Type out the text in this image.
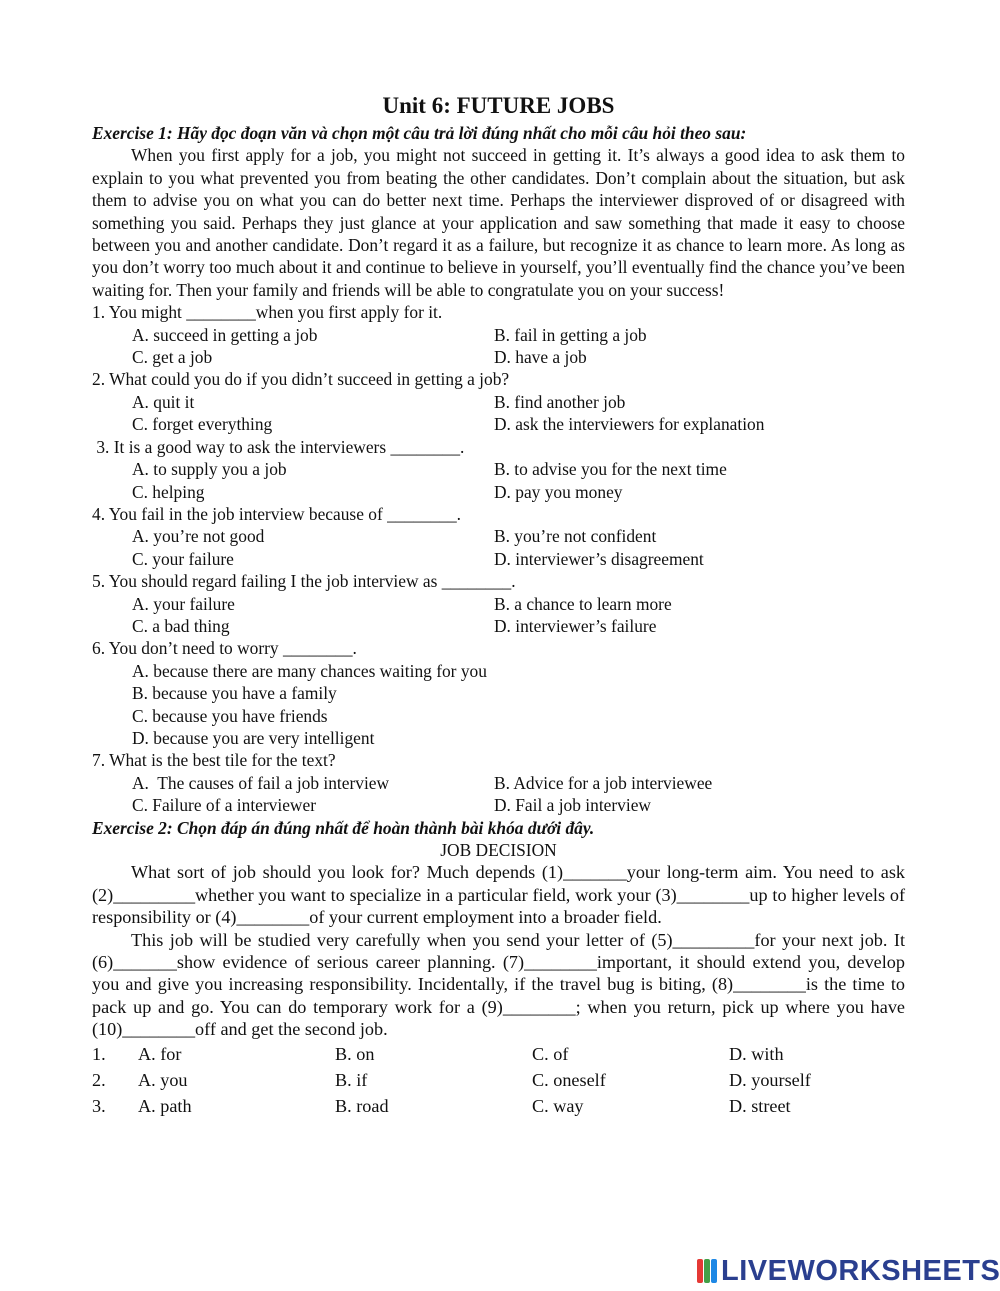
Unit 6: FUTURE JOBS
Exercise 1: Hãy đọc đoạn văn và chọn một câu trả lời đúng nhất cho mỗi câu hỏi theo sau:

When you first apply for a job, you might not succeed in getting it. It’s always a good idea to ask them to explain to you what prevented you from beating the other candidates. Don’t complain about the situation, but ask them to advise you on what you can do better next time. Perhaps the interviewer disproved of or disagreed with something you said. Perhaps they just glance at your application and saw something that made it easy to choose between you and another candidate. Don’t regard it as a failure, but recognize it as chance to learn more. As long as you don’t worry too much about it and continue to believe in yourself, you’ll eventually find the chance you’ve been waiting for. Then your family and friends will be able to congratulate you on your success!

1. You might ________when you first apply for it.
A. succeed in getting a job	B. fail in getting a job
C. get a job	D. have a job
2. What could you do if you didn’t succeed in getting a job?
A. quit it	B. find another job
C. forget everything	D. ask the interviewers for explanation
3. It is a good way to ask the interviewers ________.
A. to supply you a job	B. to advise you for the next time
C. helping	D. pay you money
4. You fail in the job interview because of ________.
A. you’re not good	B. you’re not confident
C. your failure	D. interviewer’s disagreement
5. You should regard failing I the job interview as ________.
A. your failure	B. a chance to learn more
C. a bad thing	D. interviewer’s failure
6. You don’t need to worry ________.
A. because there are many chances waiting for you
B. because you have a family
C. because you have friends
D. because you are very intelligent
7. What is the best tile for the text?
A.  The causes of fail a job interview	B. Advice for a job interviewee
C. Failure of a interviewer	D. Fail a job interview
Exercise 2: Chọn đáp án đúng nhất để hoàn thành bài khóa dưới đây.
JOB DECISION

What sort of job should you look for? Much depends (1)_______your long-term aim. You need to ask (2)_________whether you want to specialize in a particular field, work your (3)________up to higher levels of responsibility or (4)________of your current employment into a broader field.

This job will be studied very carefully when you send your letter of (5)_________for your next job. It (6)_______show evidence of serious career planning. (7)________important, it should extend you, develop you and give you increasing responsibility. Incidentally, if the travel bug is biting, (8)________is the time to pack up and go. You can do temporary work for a (9)________; when you return, pick up where you have (10)________off and get the second job.

1.	A. for	B. on	C. of	D. with
2.	A. you	B. if	C. oneself	D. yourself
3.	A. path	B. road	C. way	D. street
LIVEWORKSHEETS
